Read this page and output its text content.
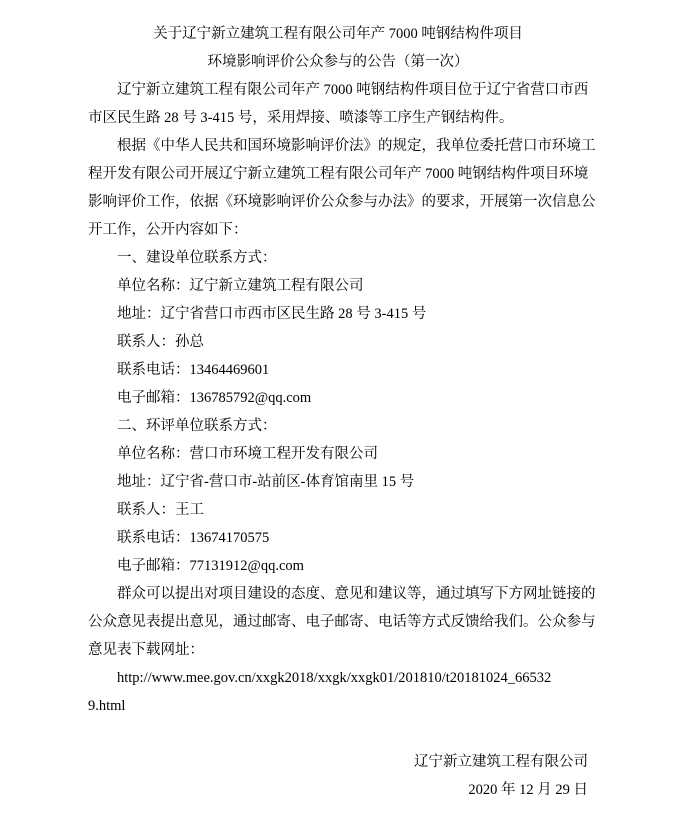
关于辽宁新立建筑工程有限公司年产 7000 吨钢结构件项目
环境影响评价公众参与的公告（第一次）
辽宁新立建筑工程有限公司年产 7000 吨钢结构件项目位于辽宁省营口市西
市区民生路 28 号 3-415 号，采用焊接、喷漆等工序生产钢结构件。
根据《中华人民共和国环境影响评价法》的规定，我单位委托营口市环境工
程开发有限公司开展辽宁新立建筑工程有限公司年产 7000 吨钢结构件项目环境
影响评价工作，依据《环境影响评价公众参与办法》的要求，开展第一次信息公
开工作，公开内容如下：
一、建设单位联系方式：
单位名称：辽宁新立建筑工程有限公司
地址：辽宁省营口市西市区民生路 28 号 3-415 号
联系人：孙总
联系电话：13464469601
电子邮箱：136785792@qq.com
二、环评单位联系方式：
单位名称：营口市环境工程开发有限公司
地址：辽宁省-营口市-站前区-体育馆南里 15 号
联系人：王工
联系电话：13674170575
电子邮箱：77131912@qq.com
群众可以提出对项目建设的态度、意见和建议等，通过填写下方网址链接的
公众意见表提出意见，通过邮寄、电子邮寄、电话等方式反馈给我们。公众参与
意见表下载网址：
http://www.mee.gov.cn/xxgk2018/xxgk/xxgk01/201810/t20181024_66532
9.html
辽宁新立建筑工程有限公司
2020 年 12 月 29 日
